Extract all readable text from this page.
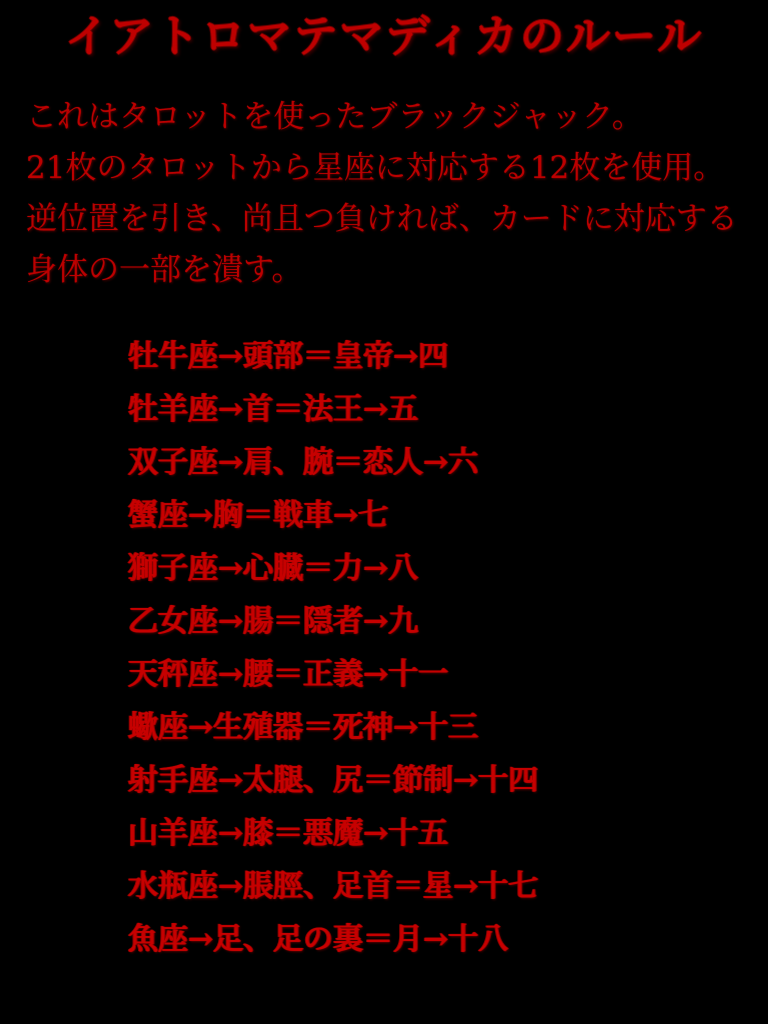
イアトロマテマディカのルール

これはタロットを使ったブラックジャック。

21枚のタロットから星座に対応する12枚を使用。

逆位置を引き、尚且つ負ければ、カードに対応する身体の一部を潰す。

牡牛座→頭部＝皇帝→四
牡羊座→首＝法王→五
双子座→肩、腕＝恋人→六
蟹座→胸＝戦車→七
獅子座→心臓＝力→八
乙女座→腸＝隠者→九
天秤座→腰＝正義→十一
蠍座→生殖器＝死神→十三
射手座→太腿、尻＝節制→十四
山羊座→膝＝悪魔→十五
水瓶座→脹脛、足首＝星→十七
魚座→足、足の裏＝月→十八
